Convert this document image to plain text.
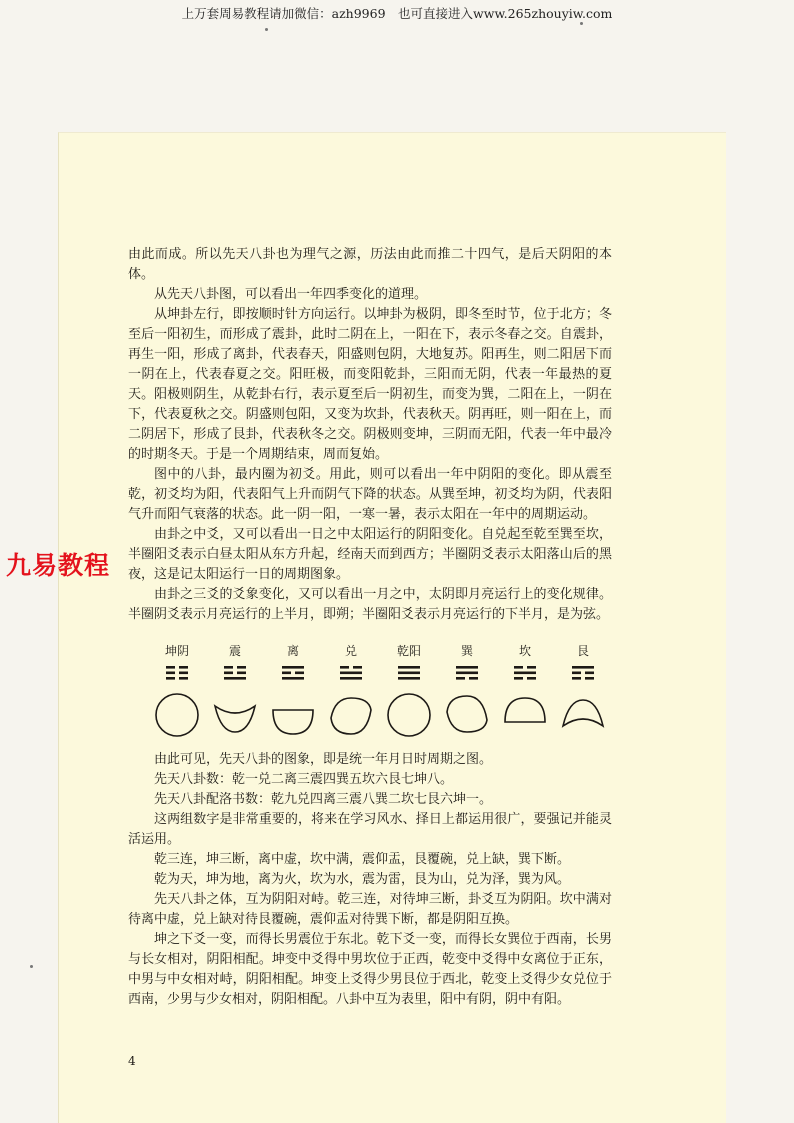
上万套周易教程请加微信：azh9969　也可直接进入www.265zhouyiw.com

由此而成。所以先天八卦也为理气之源，历法由此而推二十四气，是后天阴阳的本体。

从先天八卦图，可以看出一年四季变化的道理。

从坤卦左行，即按顺时针方向运行。以坤卦为极阴，即冬至时节，位于北方；冬至后一阳初生，而形成了震卦，此时二阴在上，一阳在下，表示冬春之交。自震卦，再生一阳，形成了离卦，代表春天，阳盛则包阴，大地复苏。阳再生，则二阳居下而一阴在上，代表春夏之交。阳旺极，而变阳乾卦，三阳而无阴，代表一年最热的夏天。阳极则阴生，从乾卦右行，表示夏至后一阴初生，而变为巽，二阳在上，一阴在下，代表夏秋之交。阴盛则包阳，又变为坎卦，代表秋天。阴再旺，则一阳在上，而二阴居下，形成了艮卦，代表秋冬之交。阴极则变坤，三阴而无阳，代表一年中最冷的时期冬天。于是一个周期结束，周而复始。

图中的八卦，最内圈为初爻。用此，则可以看出一年中阴阳的变化。即从震至乾，初爻均为阳，代表阳气上升而阴气下降的状态。从巽至坤，初爻均为阴，代表阳气升而阳气衰落的状态。此一阴一阳，一寒一暑，表示太阳在一年中的周期运动。

由卦之中爻，又可以看出一日之中太阳运行的阴阳变化。自兑起至乾至巽至坎，半圈阳爻表示白昼太阳从东方升起，经南天而到西方；半圈阴爻表示太阳落山后的黑夜，这是记太阳运行一日的周期图象。

由卦之三爻的爻象变化，又可以看出一月之中，太阴即月亮运行上的变化规律。半圈阴爻表示月亮运行的上半月，即朔；半圈阳爻表示月亮运行的下半月，是为弦。

九易教程
坤阴	震	离	兑	乾阳	巽	坎	艮

由此可见，先天八卦的图象，即是统一年月日时周期之图。

先天八卦数：乾一兑二离三震四巽五坎六艮七坤八。

先天八卦配洛书数：乾九兑四离三震八巽二坎七艮六坤一。

这两组数字是非常重要的，将来在学习风水、择日上都运用很广，要强记并能灵活运用。

乾三连，坤三断，离中虚，坎中满，震仰盂，艮覆碗，兑上缺，巽下断。

乾为天，坤为地，离为火，坎为水，震为雷，艮为山，兑为泽，巽为风。

先天八卦之体，互为阴阳对峙。乾三连，对待坤三断，卦爻互为阴阳。坎中满对待离中虚，兑上缺对待艮覆碗，震仰盂对待巽下断，都是阴阳互换。

坤之下爻一变，而得长男震位于东北。乾下爻一变，而得长女巽位于西南，长男与长女相对，阴阳相配。坤变中爻得中男坎位于正西，乾变中爻得中女离位于正东，中男与中女相对峙，阴阳相配。坤变上爻得少男艮位于西北，乾变上爻得少女兑位于西南，少男与少女相对，阴阳相配。八卦中互为表里，阳中有阴，阴中有阳。

4
